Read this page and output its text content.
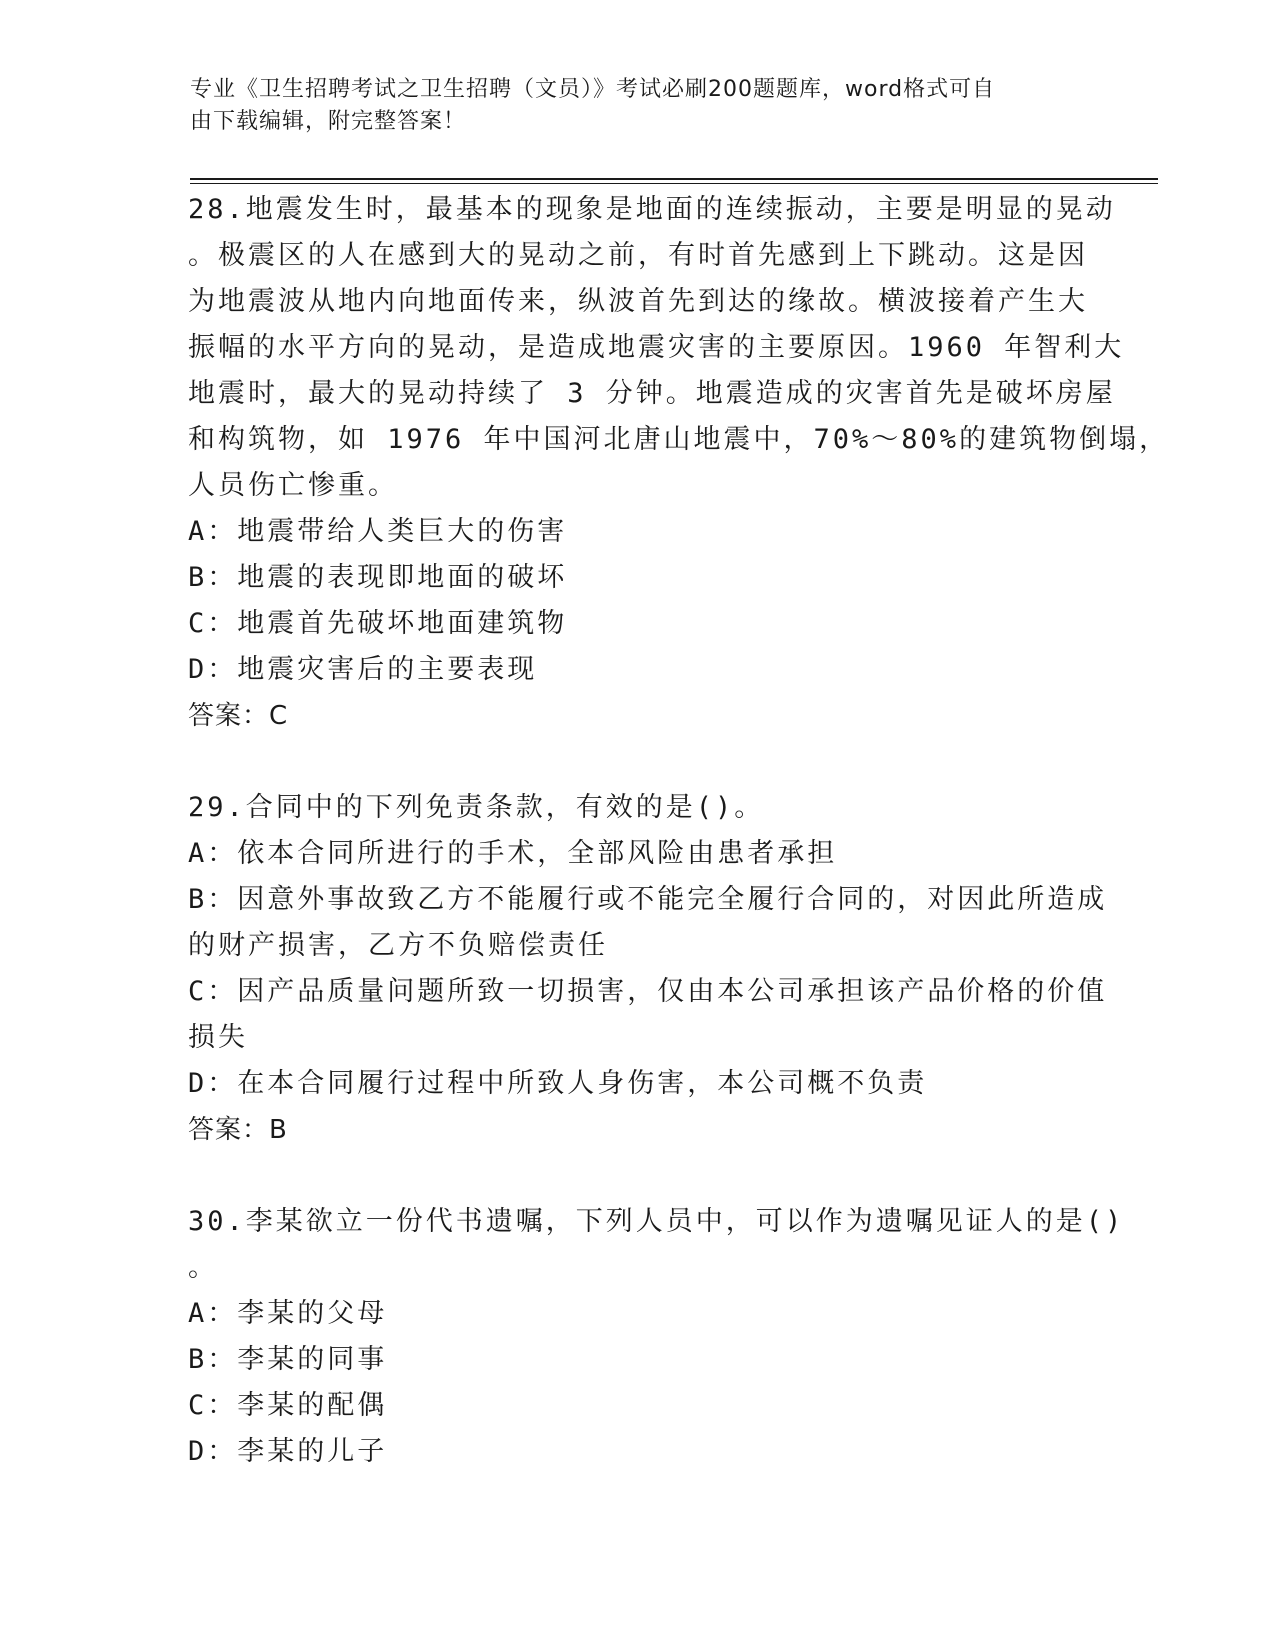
专业《卫生招聘考试之卫生招聘（文员）》考试必刷200题题库，word格式可自
由下载编辑，附完整答案！
28.地震发生时，最基本的现象是地面的连续振动，主要是明显的晃动
。极震区的人在感到大的晃动之前，有时首先感到上下跳动。这是因
为地震波从地内向地面传来，纵波首先到达的缘故。横波接着产生大
振幅的水平方向的晃动，是造成地震灾害的主要原因。1960 年智利大
地震时，最大的晃动持续了 3 分钟。地震造成的灾害首先是破坏房屋
和构筑物，如 1976 年中国河北唐山地震中，70%～80%的建筑物倒塌，
人员伤亡惨重。
A：地震带给人类巨大的伤害
B：地震的表现即地面的破坏
C：地震首先破坏地面建筑物
D：地震灾害后的主要表现
答案：C
29.合同中的下列免责条款，有效的是()。
A：依本合同所进行的手术，全部风险由患者承担
B：因意外事故致乙方不能履行或不能完全履行合同的，对因此所造成
的财产损害，乙方不负赔偿责任
C：因产品质量问题所致一切损害，仅由本公司承担该产品价格的价值
损失
D：在本合同履行过程中所致人身伤害，本公司概不负责
答案：B
30.李某欲立一份代书遗嘱，下列人员中，可以作为遗嘱见证人的是()
。
A：李某的父母
B：李某的同事
C：李某的配偶
D：李某的儿子
